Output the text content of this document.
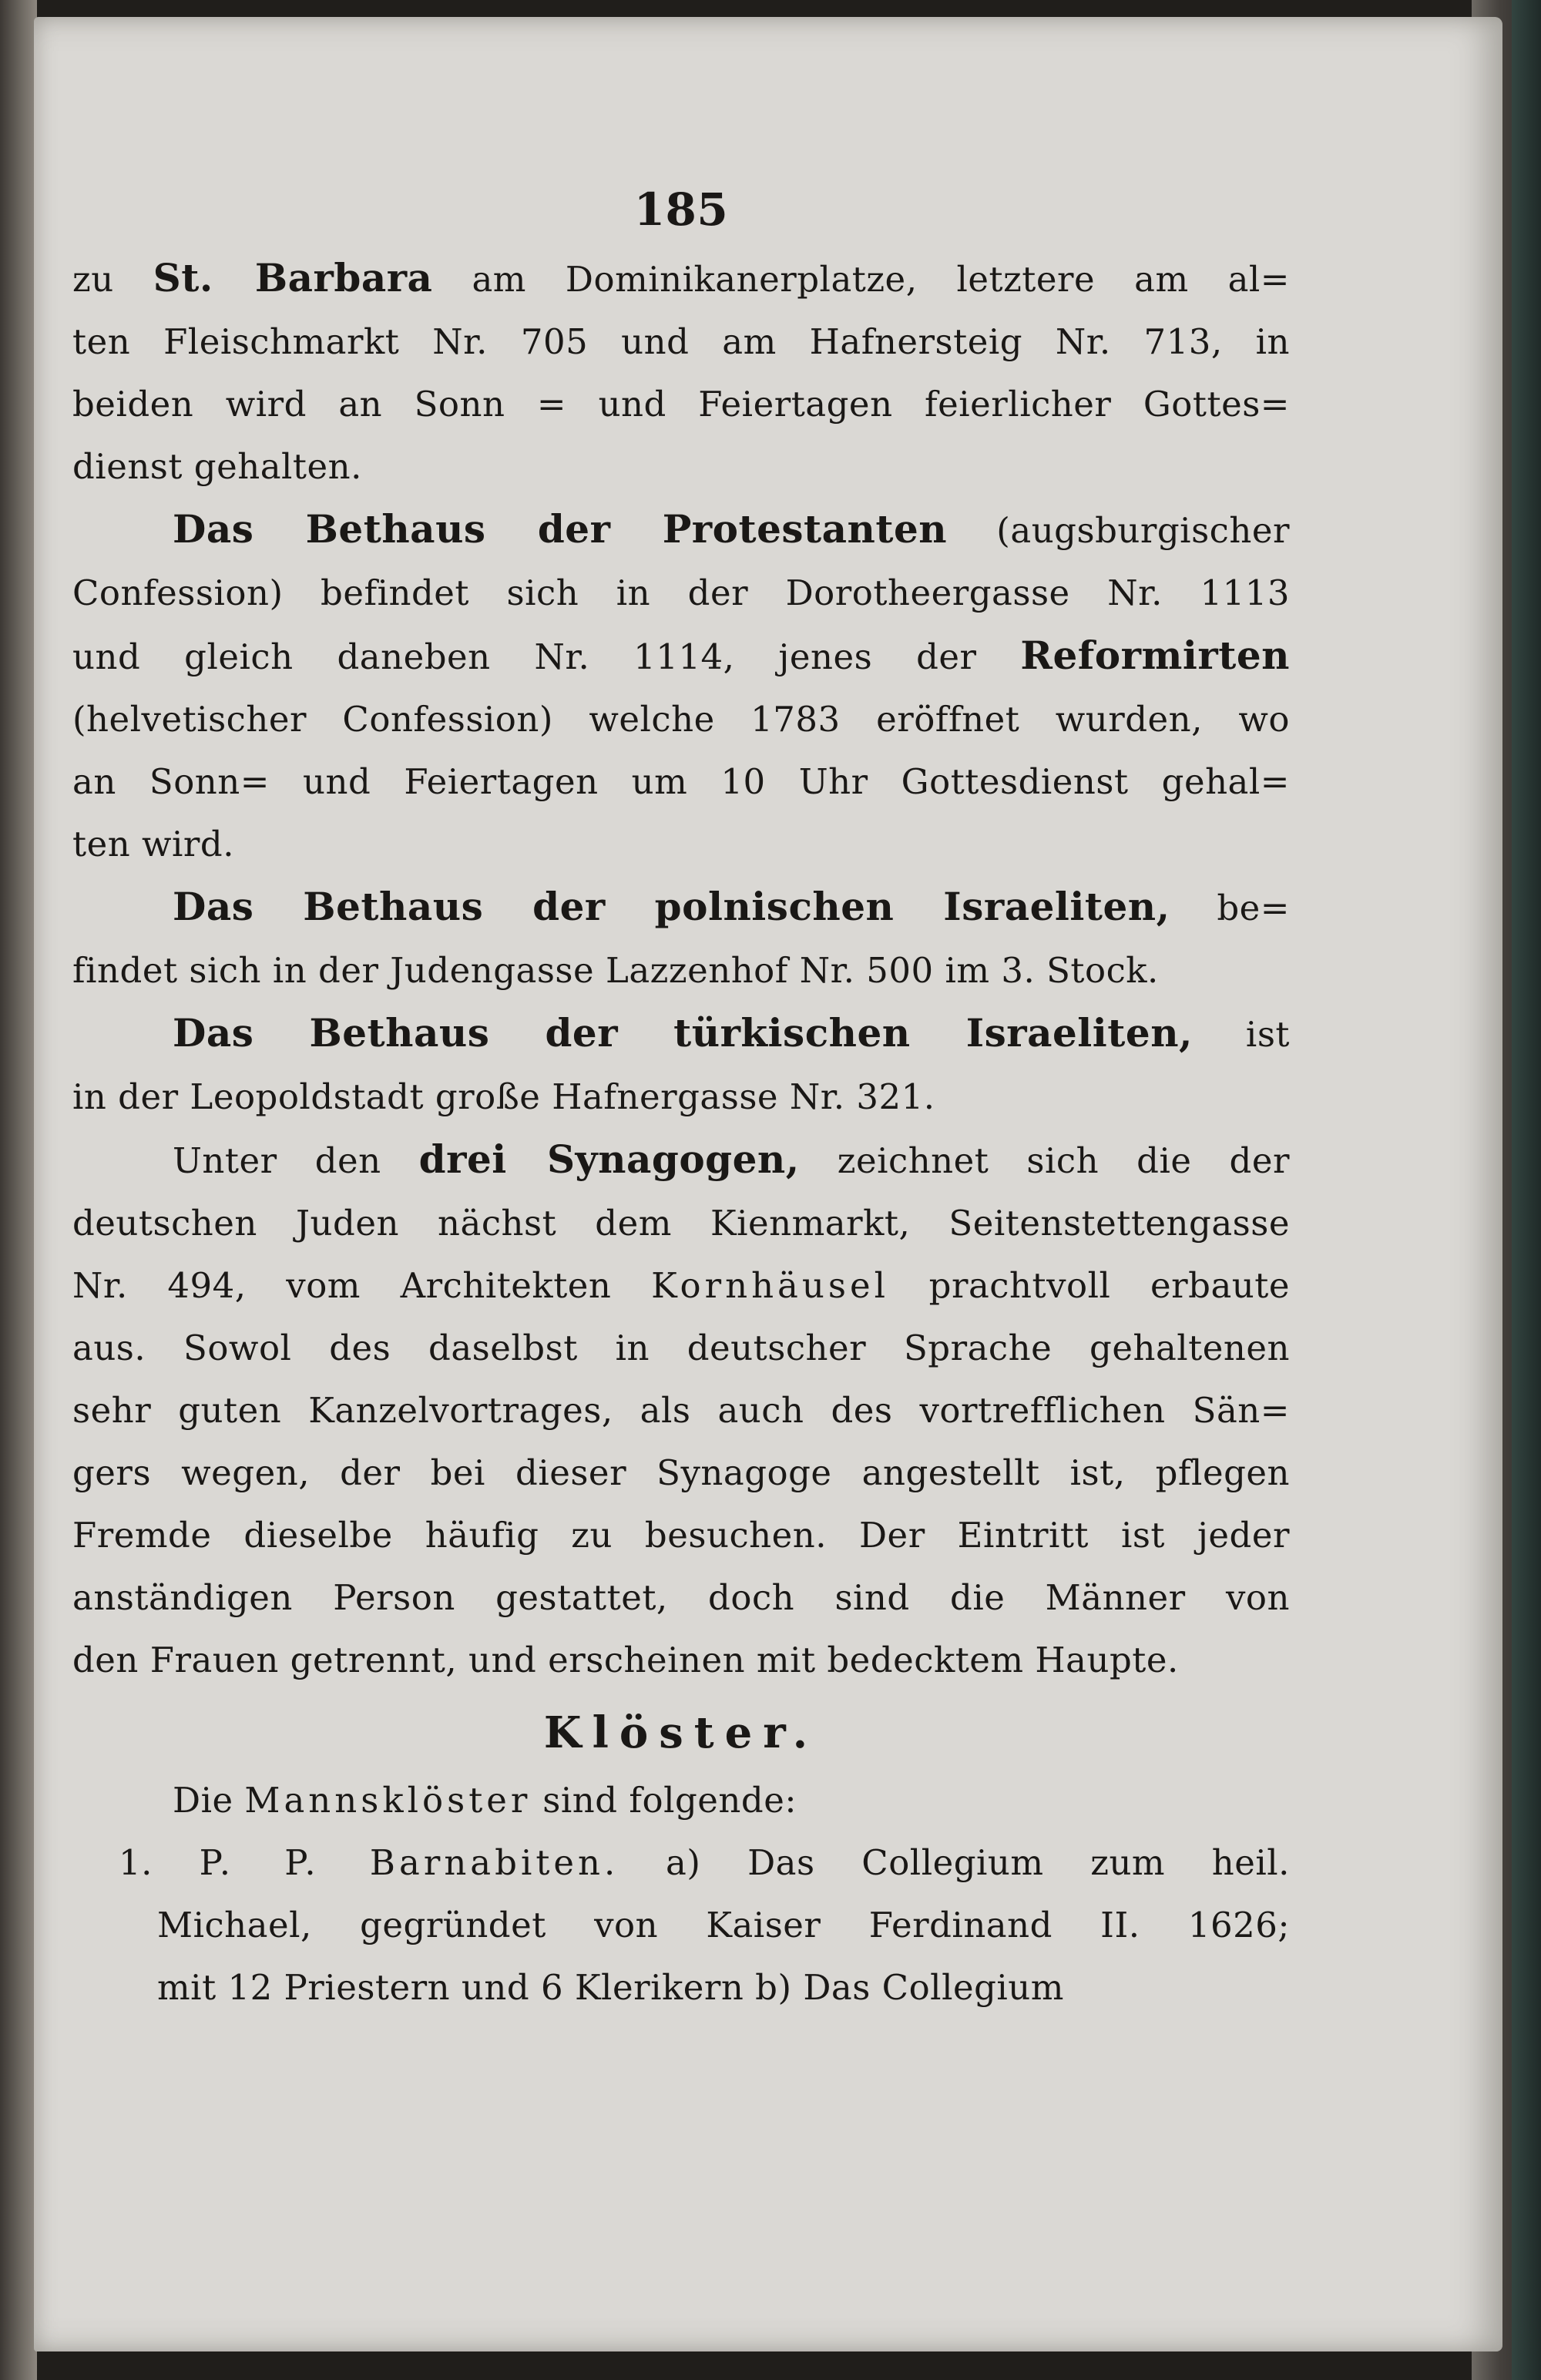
185

zu St. Barbara am Dominikanerplatze, letztere am al=
ten Fleischmarkt Nr. 705 und am Hafnersteig Nr. 713, in
beiden wird an Sonn = und Feiertagen feierlicher Gottes=
dienst gehalten.

Das Bethaus der Protestanten (augsburgischer
Confession) befindet sich in der Dorotheergasse Nr. 1113
und gleich daneben Nr. 1114, jenes der Reformirten
(helvetischer Confession) welche 1783 eröffnet wurden, wo
an Sonn= und Feiertagen um 10 Uhr Gottesdienst gehal=
ten wird.

Das Bethaus der polnischen Israeliten, be=
findet sich in der Judengasse Lazzenhof Nr. 500 im 3. Stock.

Das Bethaus der türkischen Israeliten, ist
in der Leopoldstadt große Hafnergasse Nr. 321.

Unter den drei Synagogen, zeichnet sich die der
deutschen Juden nächst dem Kienmarkt, Seitenstettengasse
Nr. 494, vom Architekten Kornhäusel prachtvoll erbaute
aus. Sowol des daselbst in deutscher Sprache gehaltenen
sehr guten Kanzelvortrages, als auch des vortrefflichen Sän=
gers wegen, der bei dieser Synagoge angestellt ist, pflegen
Fremde dieselbe häufig zu besuchen. Der Eintritt ist jeder
anständigen Person gestattet, doch sind die Männer von
den Frauen getrennt, und erscheinen mit bedecktem Haupte.

Klöster.

Die Mannsklöster sind folgende:

1. P. P. Barnabiten. a) Das Collegium zum heil.
Michael, gegründet von Kaiser Ferdinand II. 1626;
mit 12 Priestern und 6 Klerikern b) Das Collegium
